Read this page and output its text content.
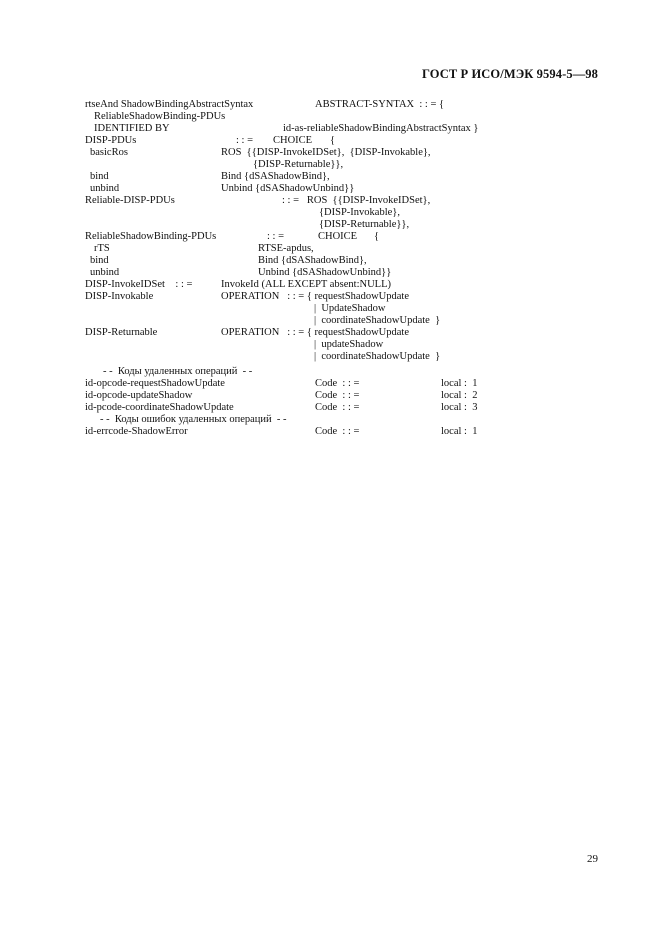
ГОСТ Р ИСО/МЭК 9594-5—98
rtseAnd ShadowBindingAbstractSyntax	ABSTRACT-SYNTAX  : : = {
ReliableShadowBinding-PDUs
IDENTIFIED BY	id-as-reliableShadowBindingAbstractSyntax }
DISP-PDUs	: : = CHOICE {
basicRos	ROS  {{DISP-InvokeIDSet},  {DISP-Invokable},
{DISP-Returnable}},
bind	Bind {dSAShadowBind},
unbind	Unbind {dSAShadowUnbind}}
Reliable-DISP-PDUs	: : =   ROS  {{DISP-InvokeIDSet},
{DISP-Invokable},
{DISP-Returnable}},
ReliableShadowBinding-PDUs	: : =	CHOICE {
rTS	RTSE-apdus,
bind	Bind {dSAShadowBind},
unbind	Unbind {dSAShadowUnbind}}
DISP-InvokeIDSet    : : =	InvokeId (ALL EXCEPT absent:NULL)
DISP-Invokable	OPERATION   : : = { requestShadowUpdate
|  UpdateShadow
|  coordinateShadowUpdate  }
DISP-Returnable	OPERATION   : : = { requestShadowUpdate
|  updateShadow
|  coordinateShadowUpdate  }
- -  Коды удаленных операций  - -
id-opcode-requestShadowUpdate	Code  : : =	local :  1
id-opcode-updateShadow	Code  : : =	local :  2
id-pcode-coordinateShadowUpdate	Code  : : =	local :  3
- -  Коды ошибок удаленных операций  - -
id-errcode-ShadowError	Code  : : =	local :  1
29
